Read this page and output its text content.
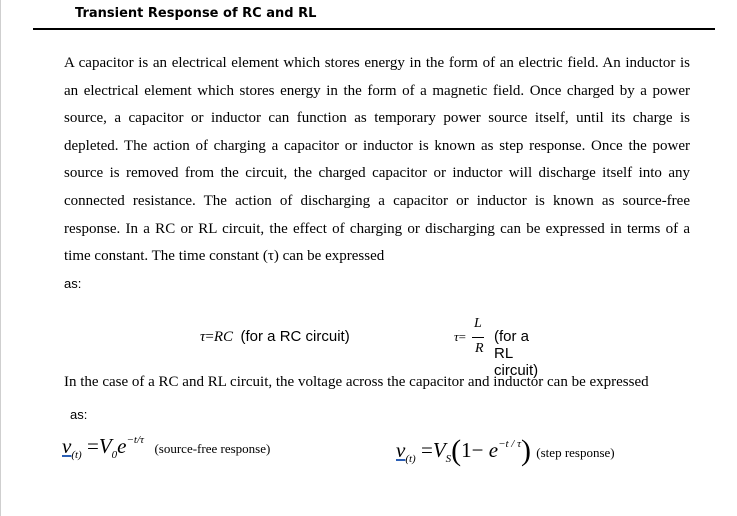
Transient Response of RC and RL
A capacitor is an electrical element which stores energy in the form of an electric field. An inductor is an electrical element which stores energy in the form of a magnetic field. Once charged by a power source, a capacitor or inductor can function as temporary power source itself, until its charge is depleted. The action of charging a capacitor or inductor is known as step response. Once the power source is removed from the circuit, the charged capacitor or inductor will discharge itself into any connected resistance. The action of discharging a capacitor or inductor is known as source-free response. In a RC or RL circuit, the effect of charging or discharging can be expressed in terms of a time constant. The time constant (τ) can be expressed
as:
τ=RC (for a RC circuit)	τ=
L
R
(for a RL circuit)
In the case of a RC and RL circuit, the voltage across the capacitor and inductor can be expressed
as:
$v_{(t)} =V_0e^{-t/\tau}$  (source-free response)	$v_{(t)} =V_S(1- e^{-t / \tau})$ (step response)
